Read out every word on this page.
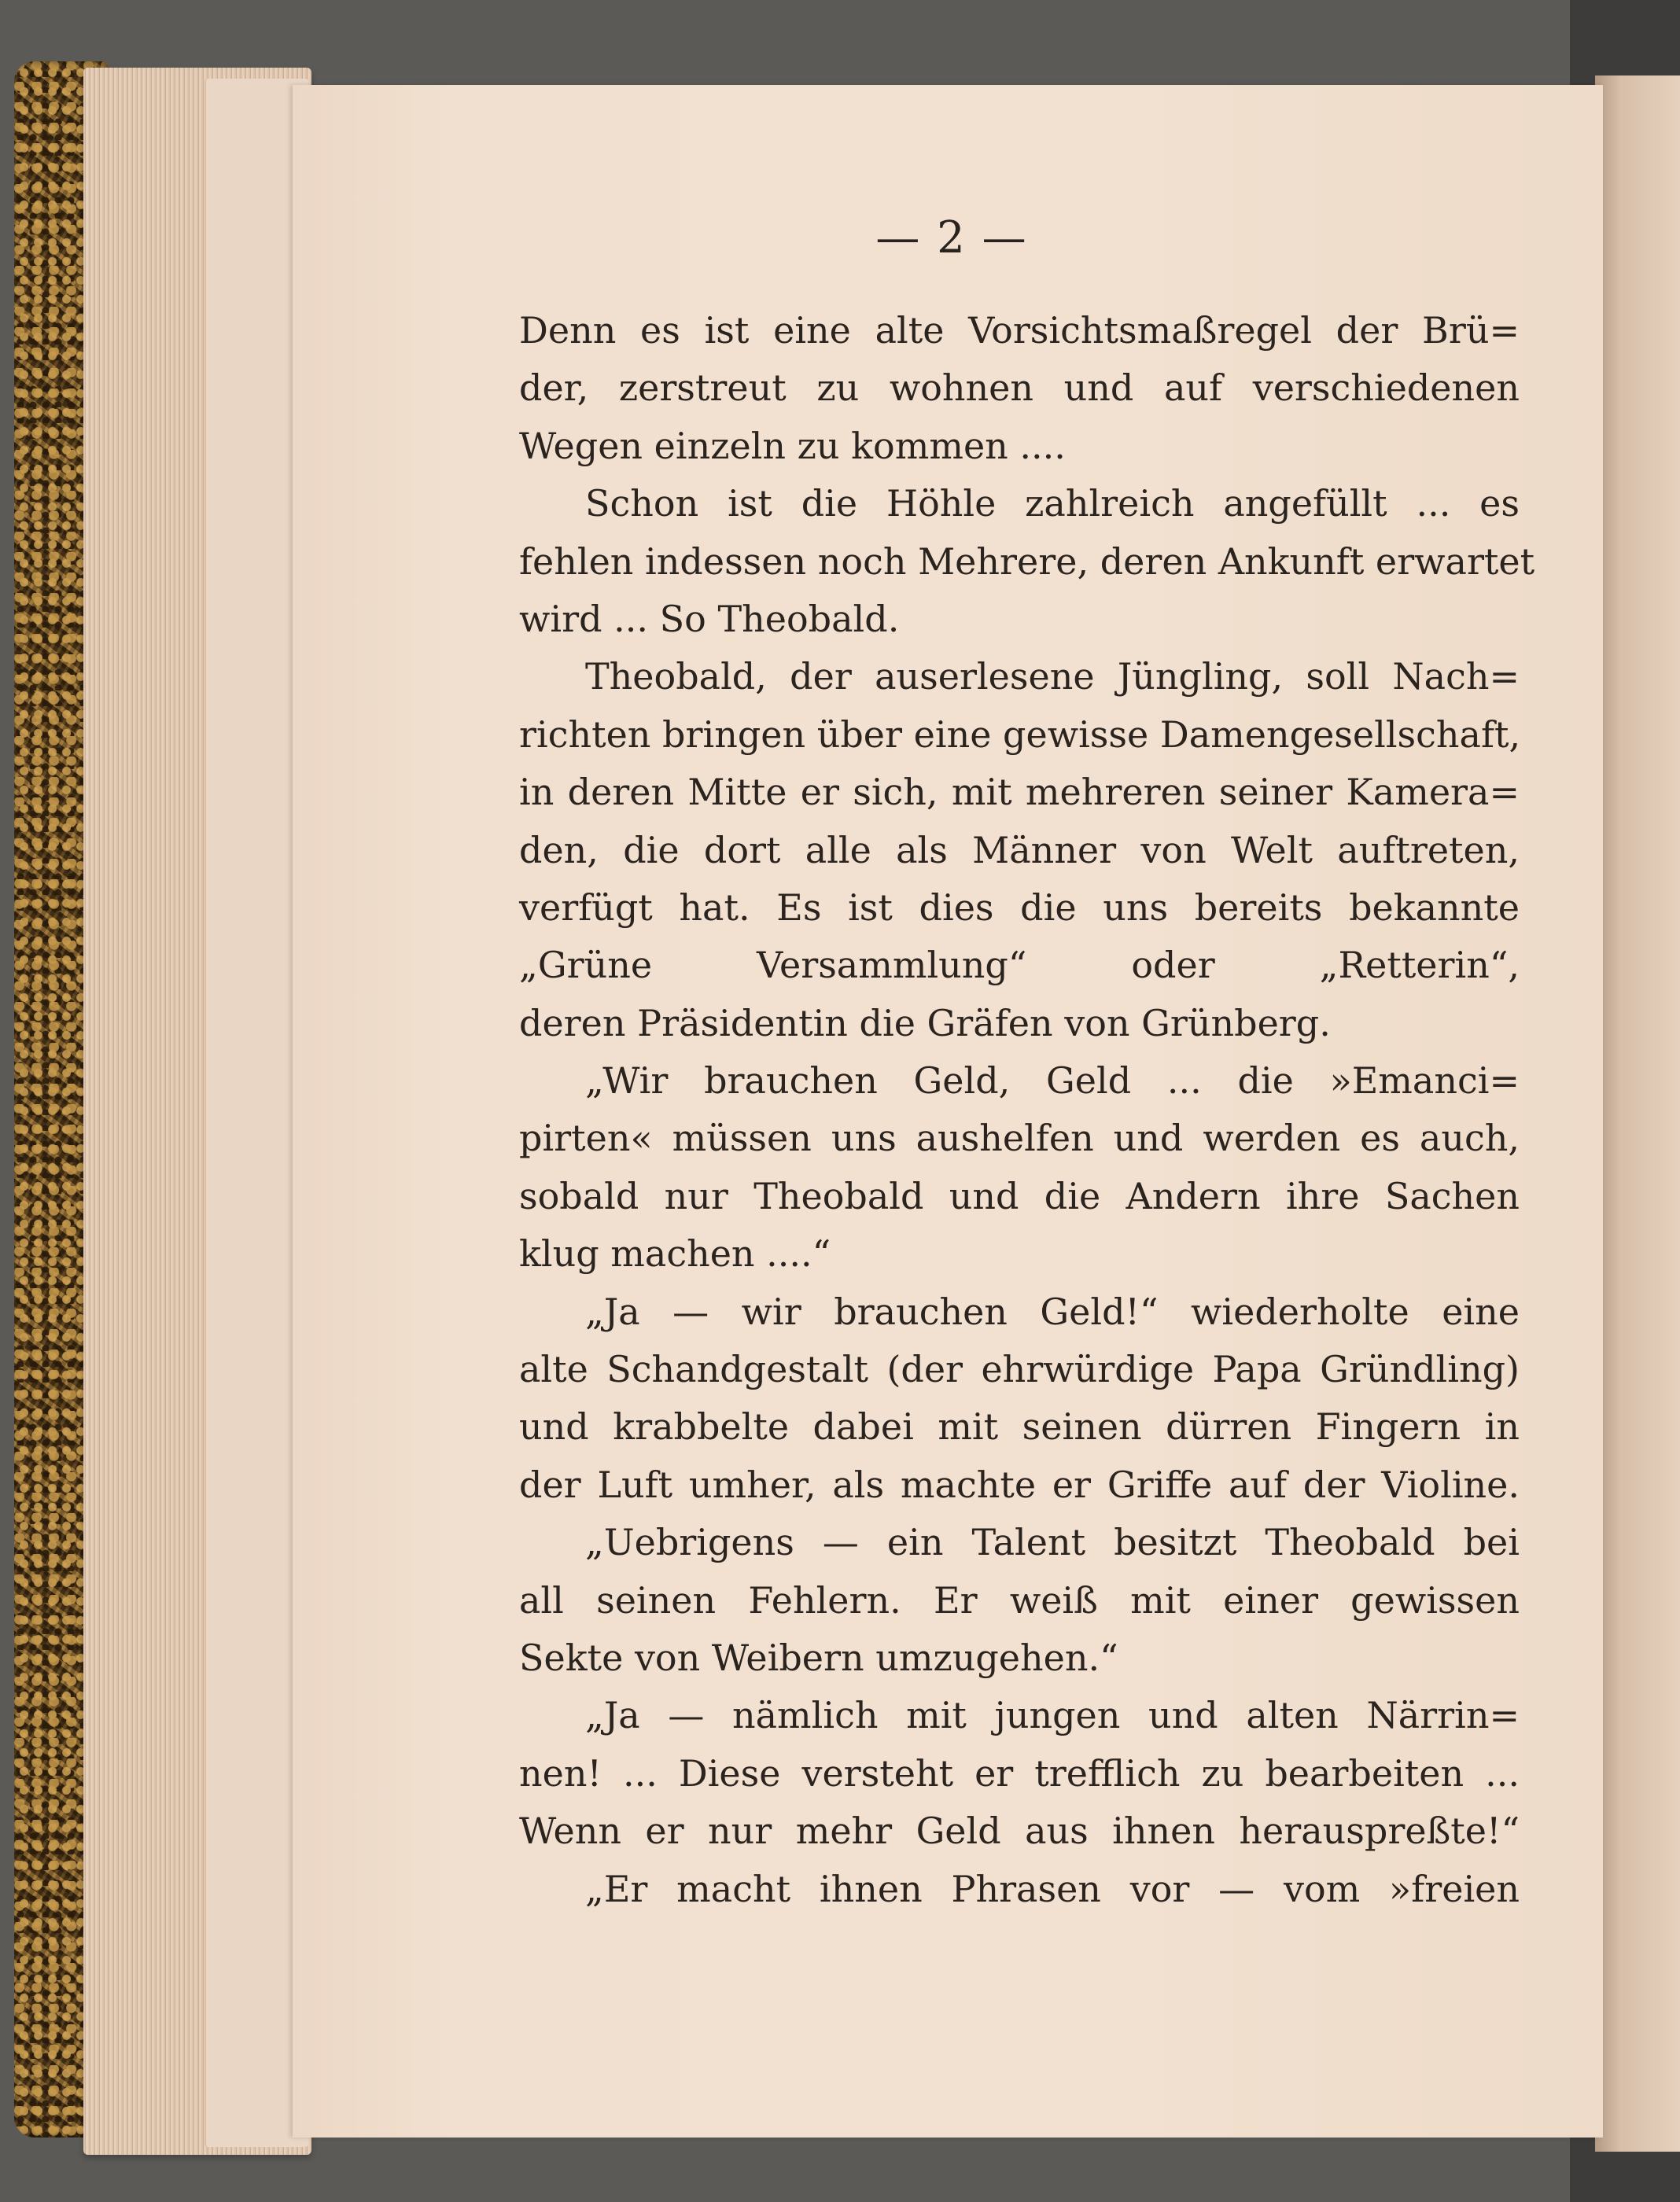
— 2 —
Denn es ist eine alte Vorsichtsmaßregel der Brü=
der, zerstreut zu wohnen und auf verschiedenen
Wegen einzeln zu kommen ....
Schon ist die Höhle zahlreich angefüllt ... es
fehlen indessen noch Mehrere, deren Ankunft erwartet
wird ... So Theobald.
Theobald, der auserlesene Jüngling, soll Nach=
richten bringen über eine gewisse Damengesellschaft,
in deren Mitte er sich, mit mehreren seiner Kamera=
den, die dort alle als Männer von Welt auftreten,
verfügt hat. Es ist dies die uns bereits bekannte
„Grüne Versammlung“ oder „Retterin“,
deren Präsidentin die Gräfen von Grünberg.
„Wir brauchen Geld, Geld ... die »Emanci=
pirten« müssen uns aushelfen und werden es auch,
sobald nur Theobald und die Andern ihre Sachen
klug machen ....“
„Ja — wir brauchen Geld!“ wiederholte eine
alte Schandgestalt (der ehrwürdige Papa Gründling)
und krabbelte dabei mit seinen dürren Fingern in
der Luft umher, als machte er Griffe auf der Violine.
„Uebrigens — ein Talent besitzt Theobald bei
all seinen Fehlern. Er weiß mit einer gewissen
Sekte von Weibern umzugehen.“
„Ja — nämlich mit jungen und alten Närrin=
nen! ... Diese versteht er trefflich zu bearbeiten ...
Wenn er nur mehr Geld aus ihnen herauspreßte!“
„Er macht ihnen Phrasen vor — vom »freien
